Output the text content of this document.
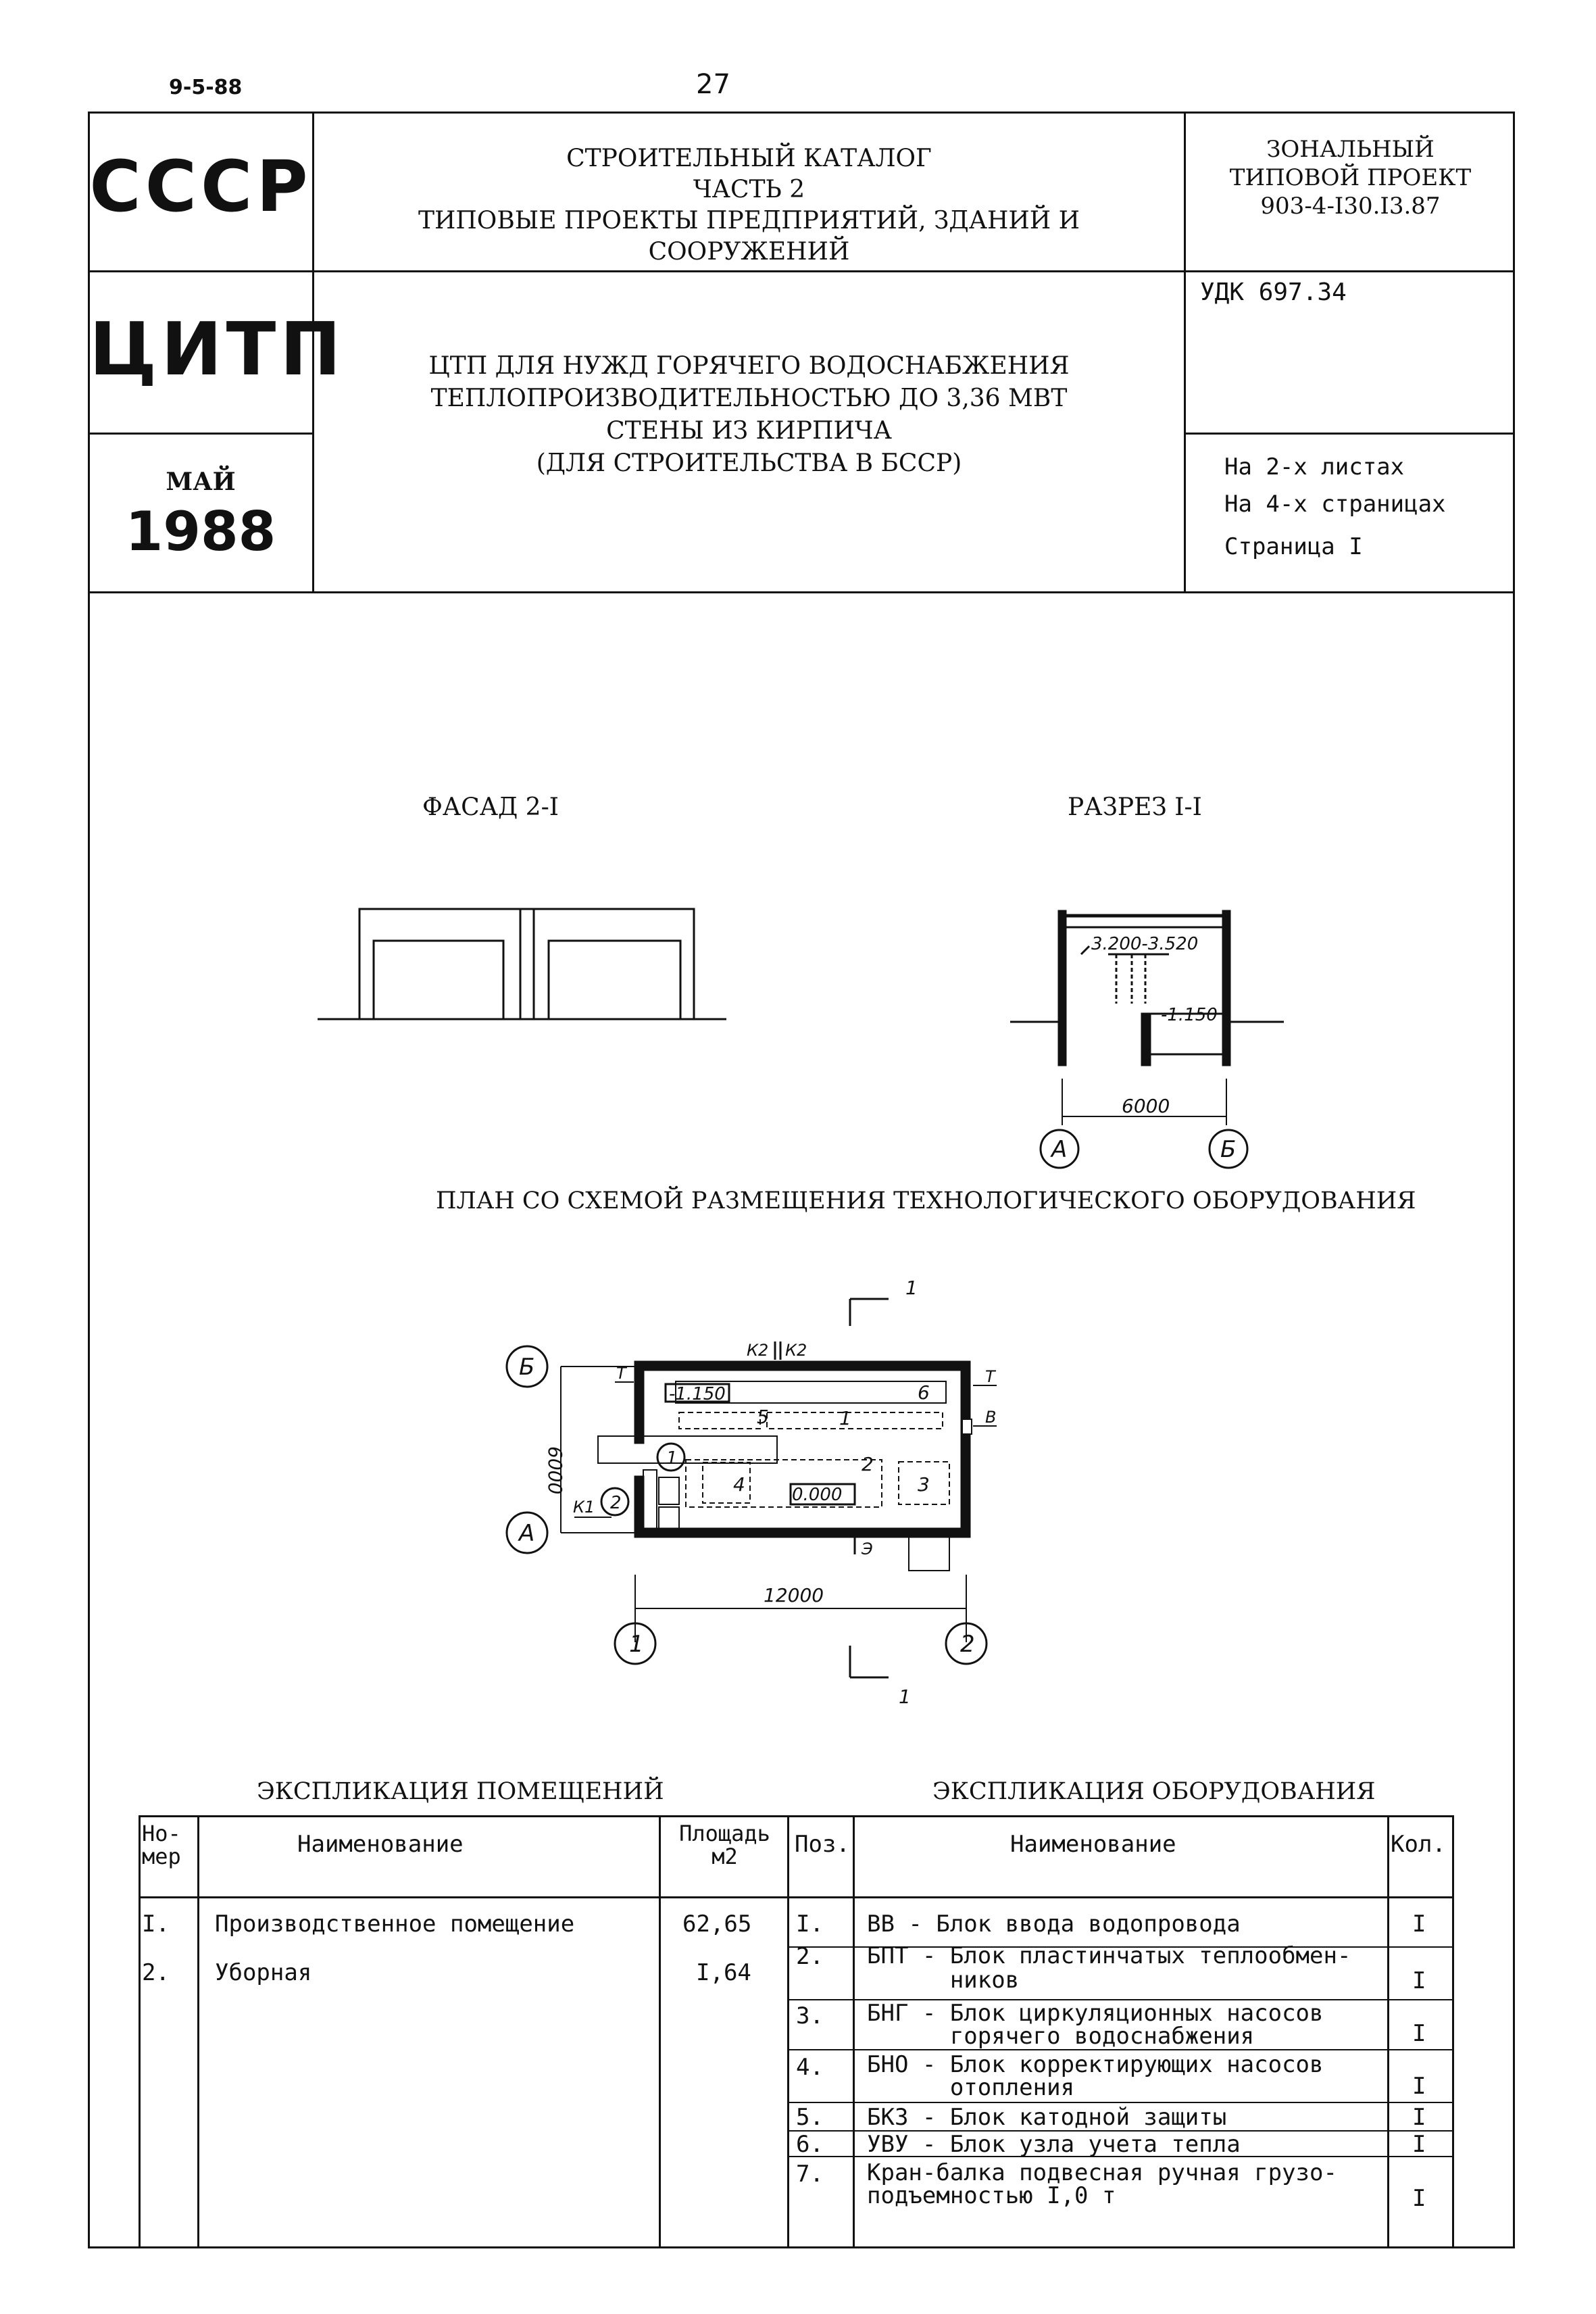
9-5-88	27
СССР	СТРОИТЕЛЬНЫЙ КАТАЛОГ
ЧАСТЬ 2
ТИПОВЫЕ ПРОЕКТЫ ПРЕДПРИЯТИЙ, ЗДАНИЙ И СООРУЖЕНИЙ
ЗОНАЛЬНЫЙ
ТИПОВОЙ ПРОЕКТ
903-4-I30.I3.87
ЦИТП	ЦТП ДЛЯ НУЖД ГОРЯЧЕГО ВОДОСНАБЖЕНИЯ
ТЕПЛОПРОИЗВОДИТЕЛЬНОСТЬЮ ДО 3,36 МВТ
СТЕНЫ ИЗ КИРПИЧА
(ДЛЯ СТРОИТЕЛЬСТВА В БССР)
УДК 697.34
МАЙ
1988
На 2-х листах
На 4-х страницах
Страница I
ФАСАД 2-I	РАЗРЕЗ I-I
ПЛАН СО СХЕМОЙ РАЗМЕЩЕНИЯ ТЕХНОЛОГИЧЕСКОГО ОБОРУДОВАНИЯ
3.200-3.520
-1.150
6000
А	Б
1
1
К2 К2
Т	Т
В
Э
К1
-1.150
0.000
6000
12000
1	2
А
Б
1
2
1
2
3
4
5
6
ЭКСПЛИКАЦИЯ ПОМЕЩЕНИЙ	ЭКСПЛИКАЦИЯ ОБОРУДОВАНИЯ
Но-
мер	Наименование	Площадь
м2
I. Производственное помещение	62,65
2. Уборная	I,64
Поз.	Наименование	Кол.
I. ВВ - Блок ввода водопровода	I
2. БПТ - Блок пластинчатых теплообмен-
ников	I
3. БНГ - Блок циркуляционных насосов
горячего водоснабжения	I
4. БНО - Блок корректирующих насосов
отопления	I
5. БКЗ - Блок катодной защиты	I
6. УВУ - Блок узла учета тепла	I
7. Кран-балка подвесная ручная грузо-
подъемностью I,0 т	I
